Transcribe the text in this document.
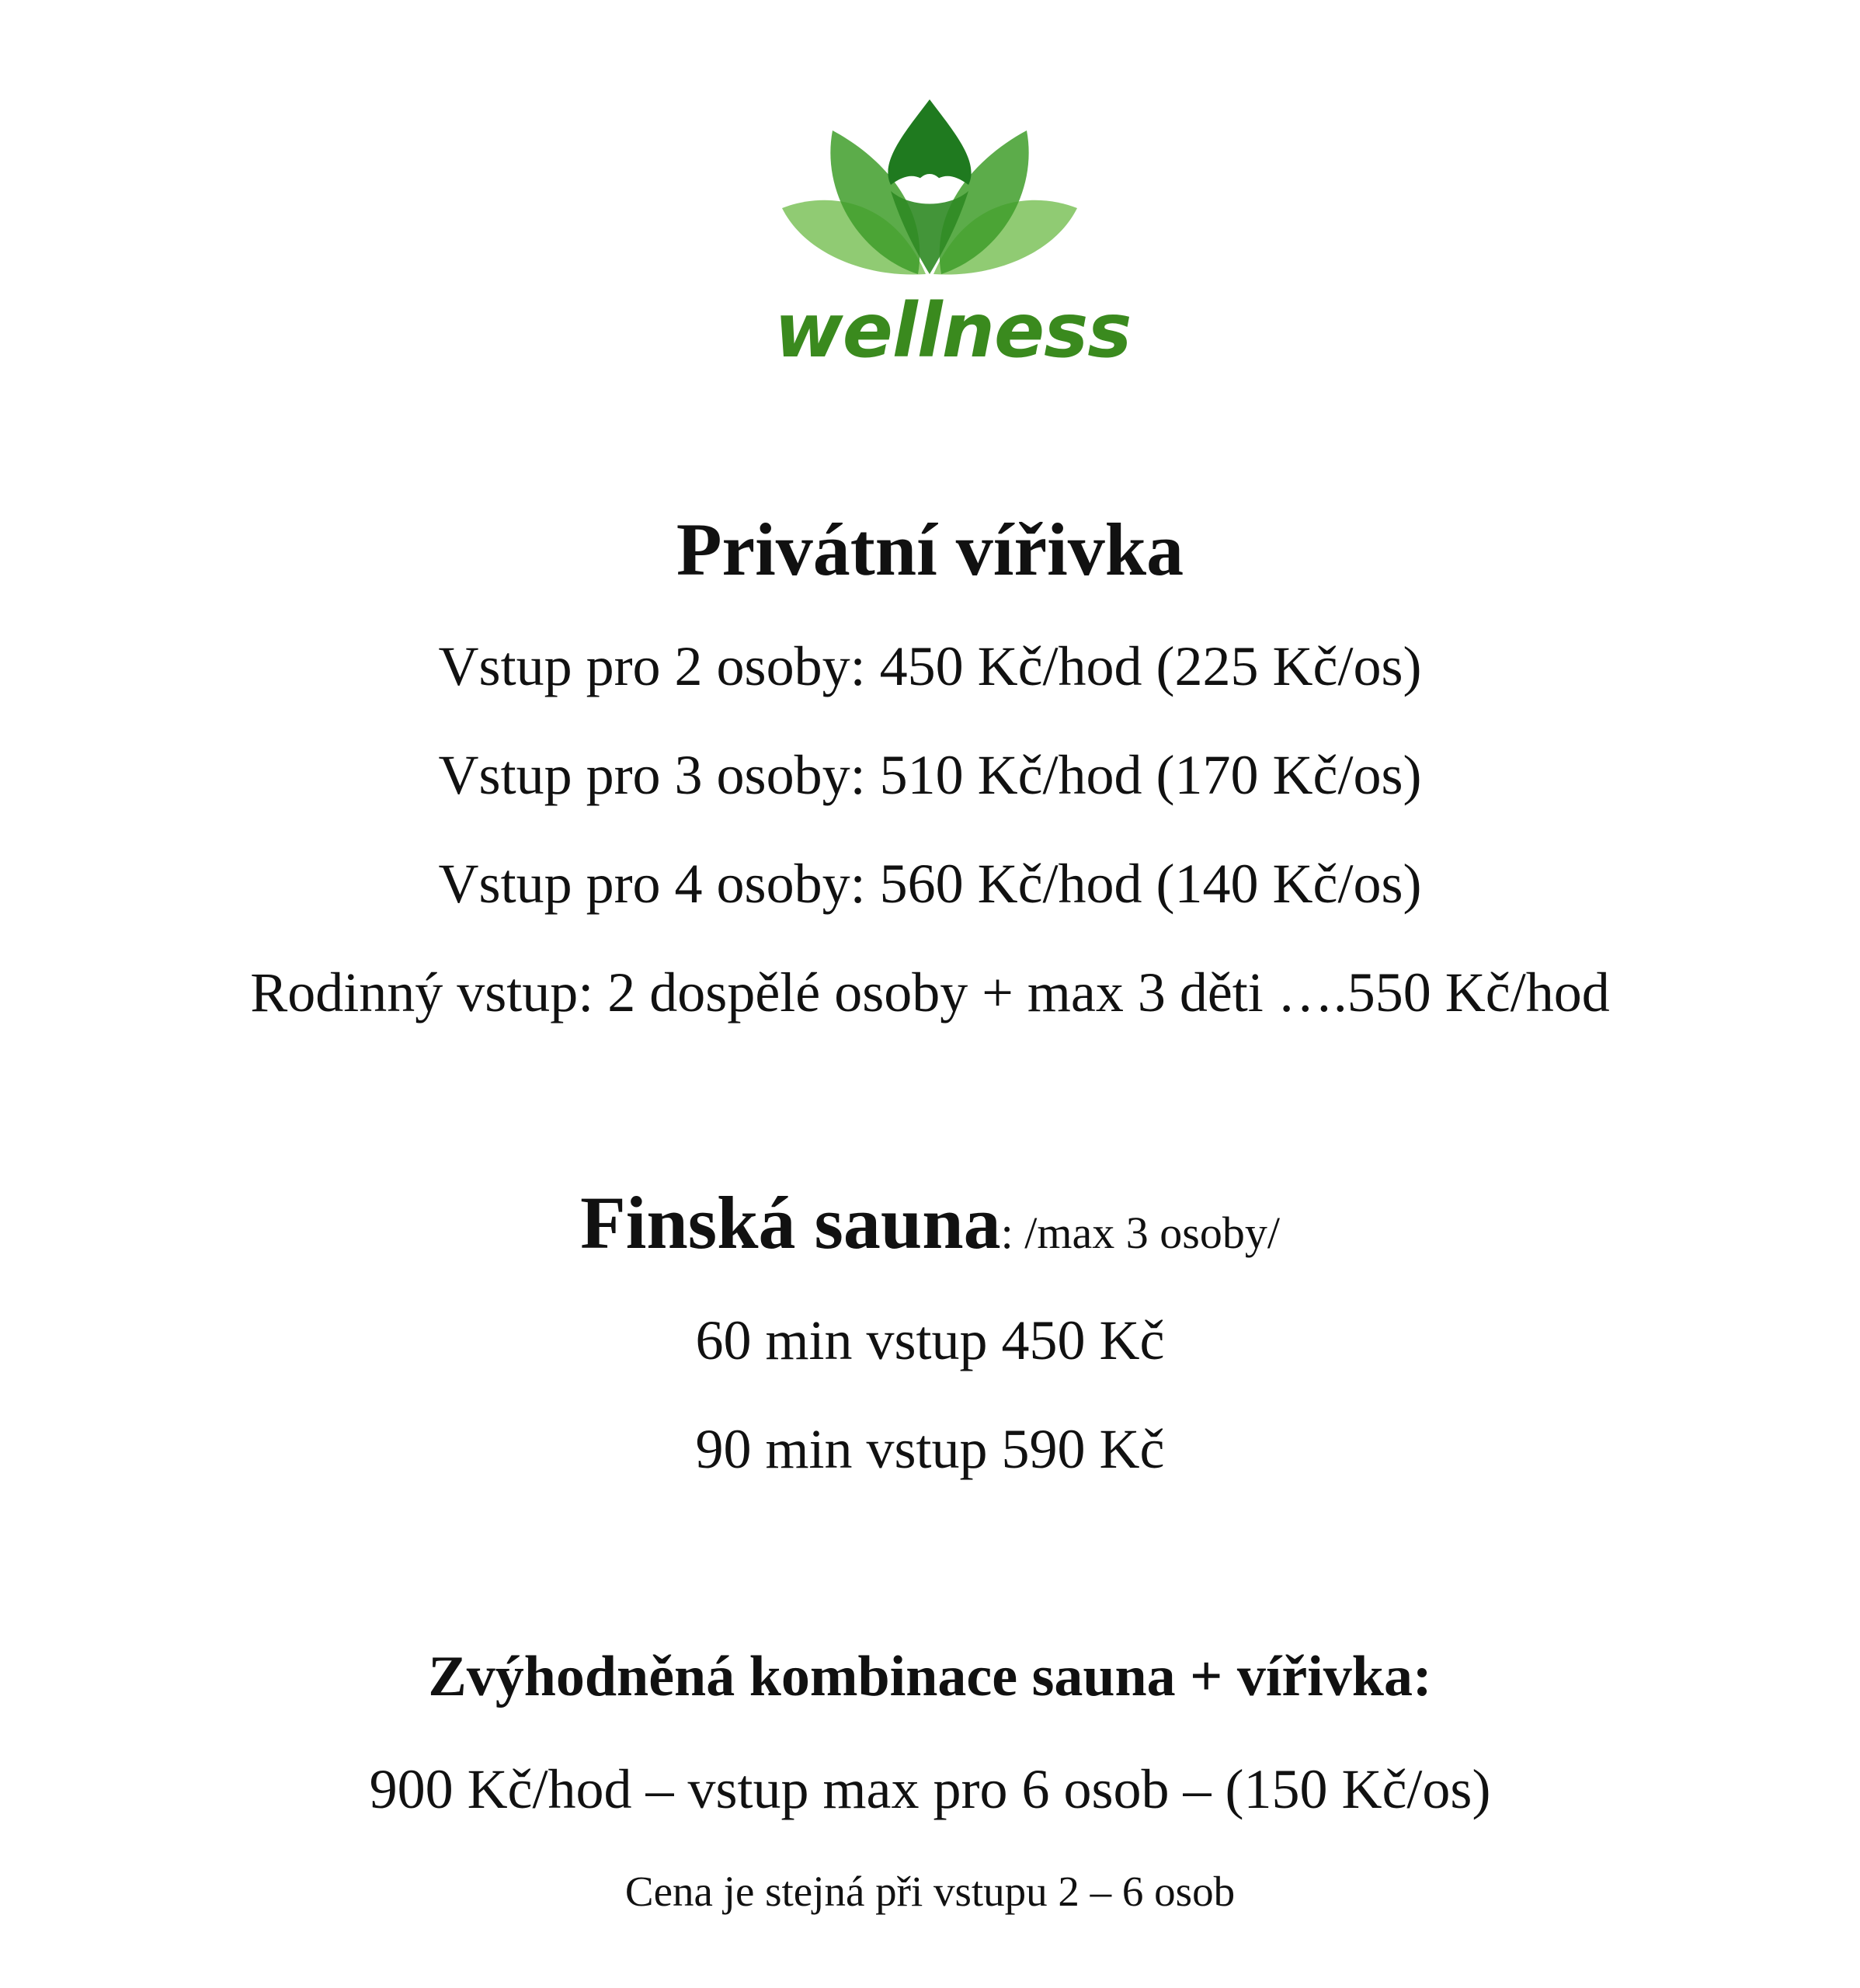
wellness
Privátní vířivka
Vstup pro 2 osoby: 450 Kč/hod (225 Kč/os)
Vstup pro 3 osoby: 510 Kč/hod (170 Kč/os)
Vstup pro 4 osoby: 560 Kč/hod (140 Kč/os)
Rodinný vstup: 2 dospělé osoby + max 3 děti ….550 Kč/hod
Finská sauna: /max 3 osoby/
60 min vstup 450 Kč
90 min vstup 590 Kč
Zvýhodněná kombinace sauna + vířivka:
900 Kč/hod – vstup max pro 6 osob – (150 Kč/os)
Cena je stejná při vstupu 2 – 6 osob
